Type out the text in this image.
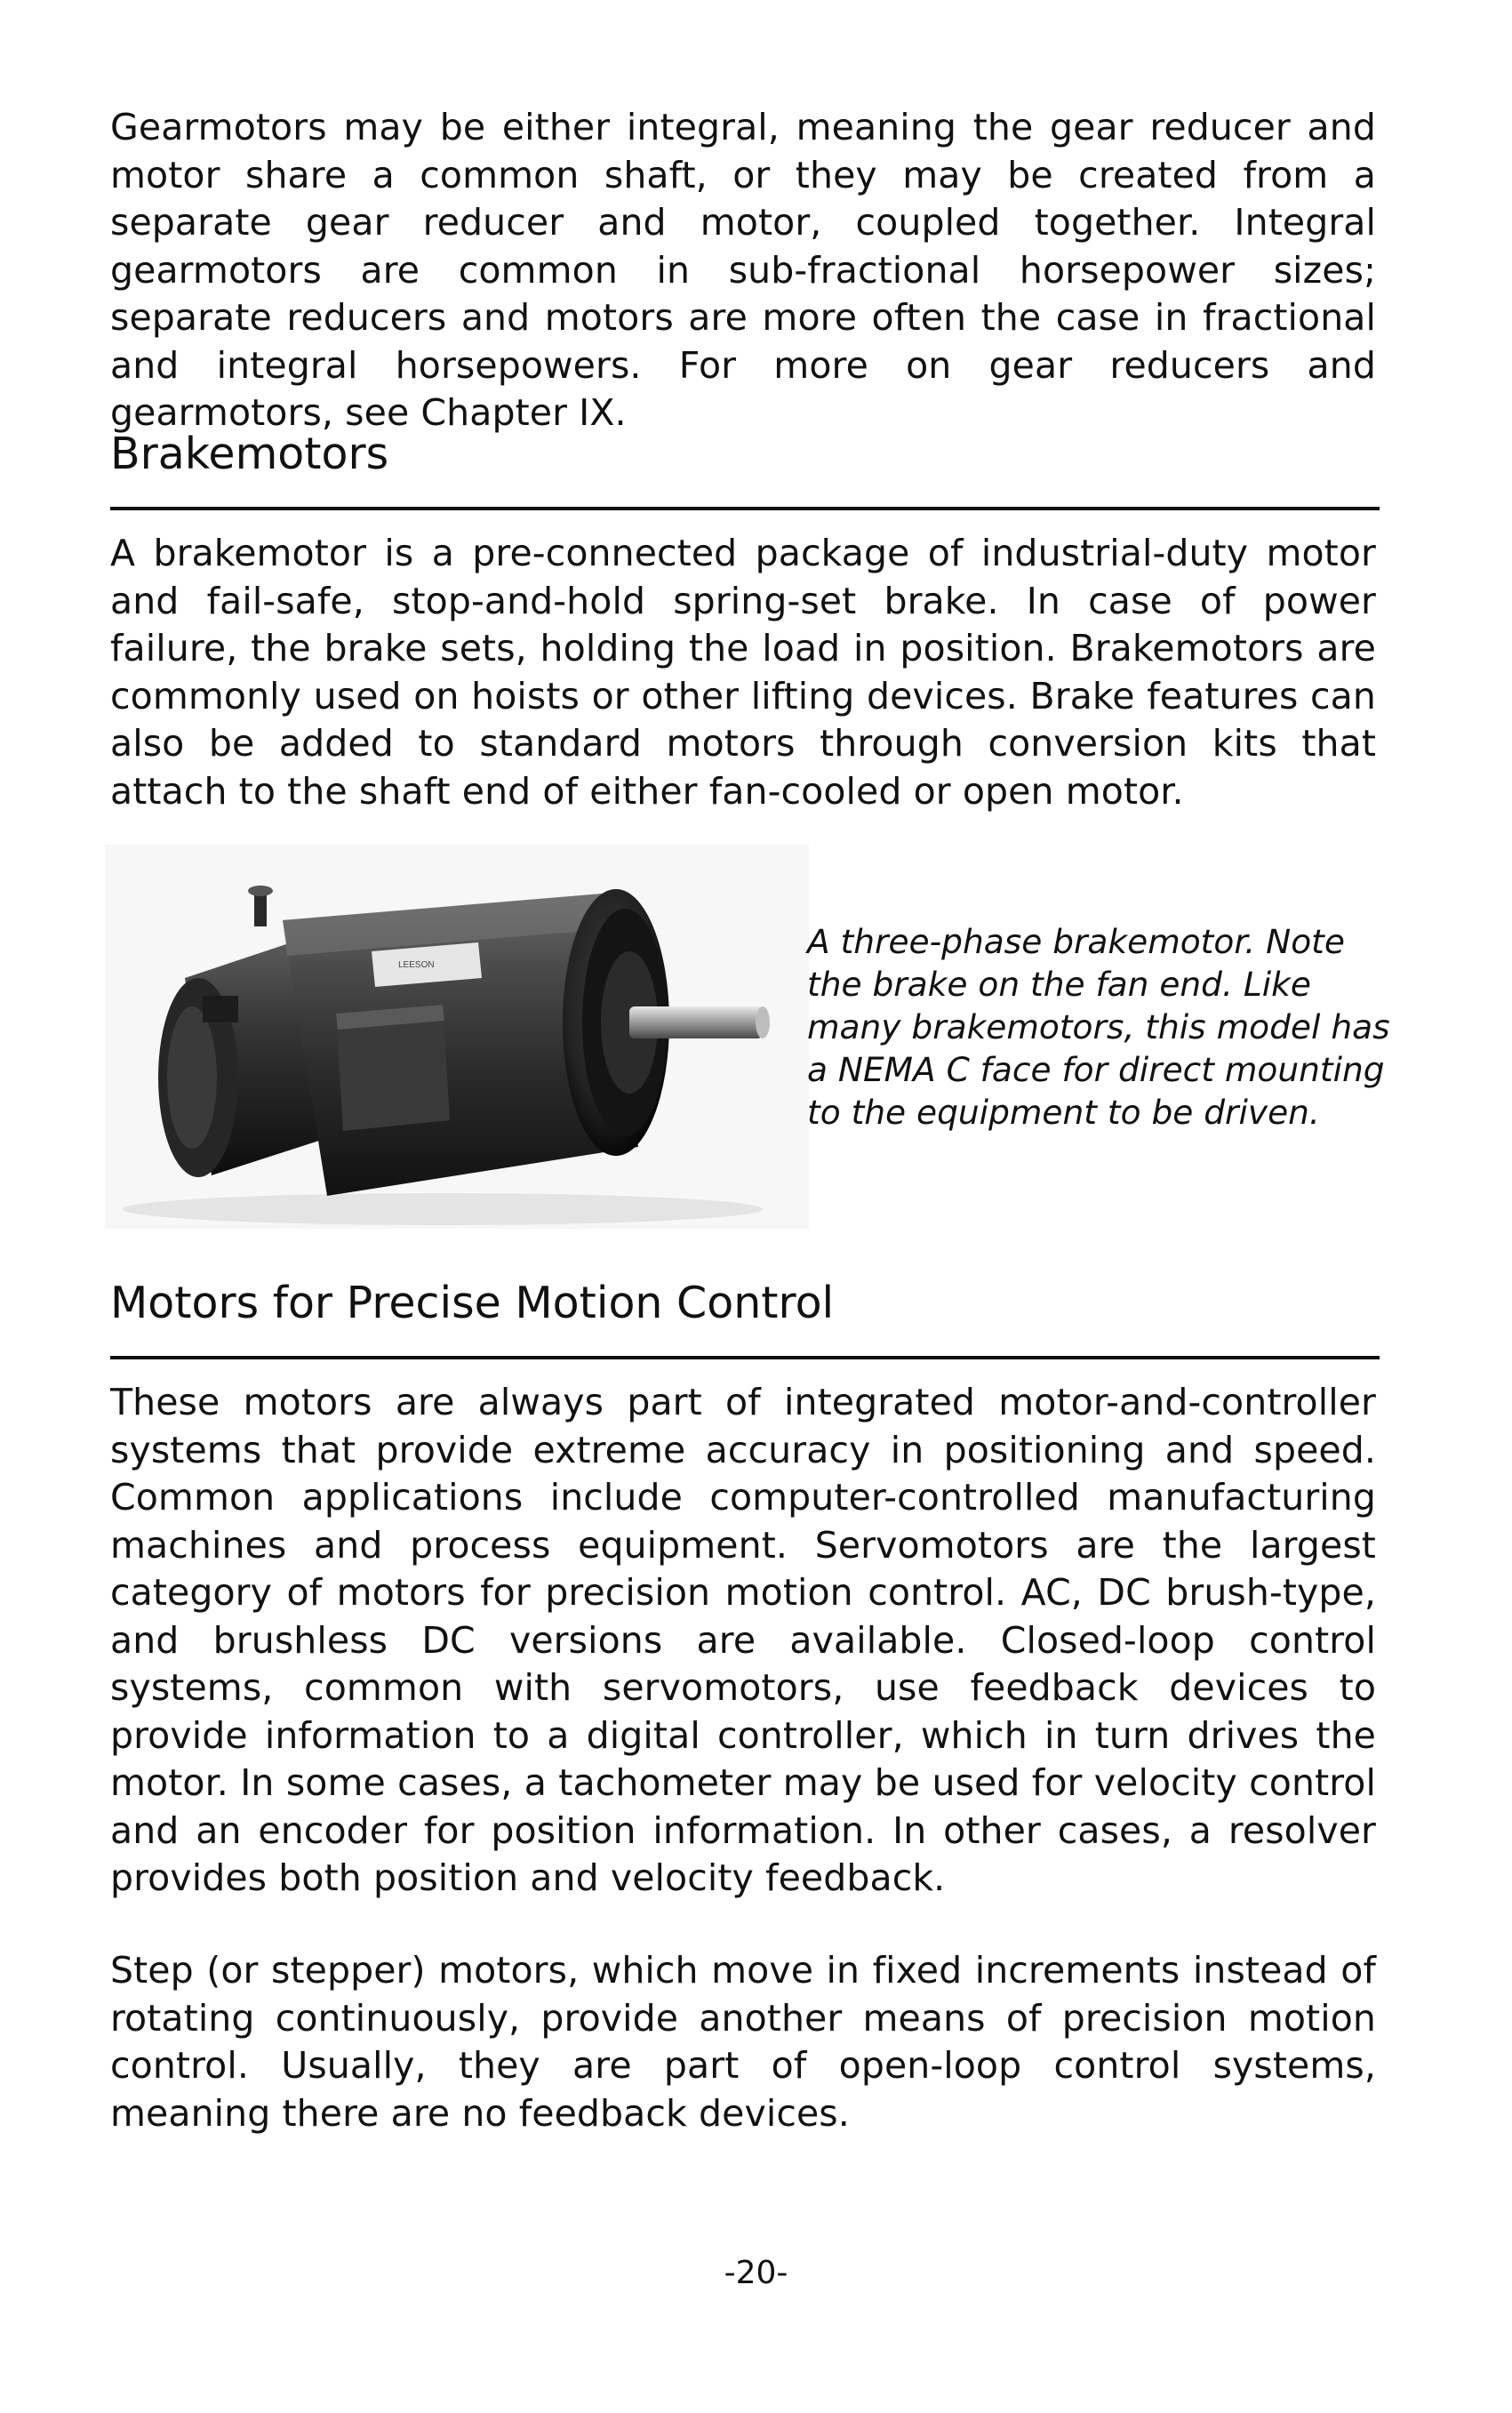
Gearmotors may be either integral, meaning the gear reducer and motor share a common shaft, or they may be created from a separate gear reducer and motor, coupled together. Integral gearmotors are common in sub-fractional horsepower sizes; separate reducers and motors are more often the case in fractional and integral horsepowers. For more on gear reducers and gearmotors, see Chapter IX.

Brakemotors

A brakemotor is a pre-connected package of industrial-duty motor and fail-safe, stop-and-hold spring-set brake. In case of power failure, the brake sets, holding the load in position. Brakemotors are commonly used on hoists or other lifting devices. Brake features can also be added to standard motors through conversion kits that attach to the shaft end of either fan-cooled or open motor.

LEESON

A three-phase brakemotor. Note the brake on the fan end. Like many brakemotors, this model has a NEMA C face for direct mounting to the equipment to be driven.

Motors for Precise Motion Control

These motors are always part of integrated motor-and-controller systems that provide extreme accuracy in positioning and speed. Common applications include computer-controlled manufacturing machines and process equipment. Servomotors are the largest category of motors for precision motion control. AC, DC brush-type, and brushless DC versions are available. Closed-loop control systems, common with servomotors, use feedback devices to provide information to a digital controller, which in turn drives the motor. In some cases, a tachometer may be used for velocity control and an encoder for position information. In other cases, a resolver provides both position and velocity feedback.

Step (or stepper) motors, which move in fixed increments instead of rotating continuously, provide another means of precision motion control. Usually, they are part of open-loop control systems, meaning there are no feedback devices.

-20-
